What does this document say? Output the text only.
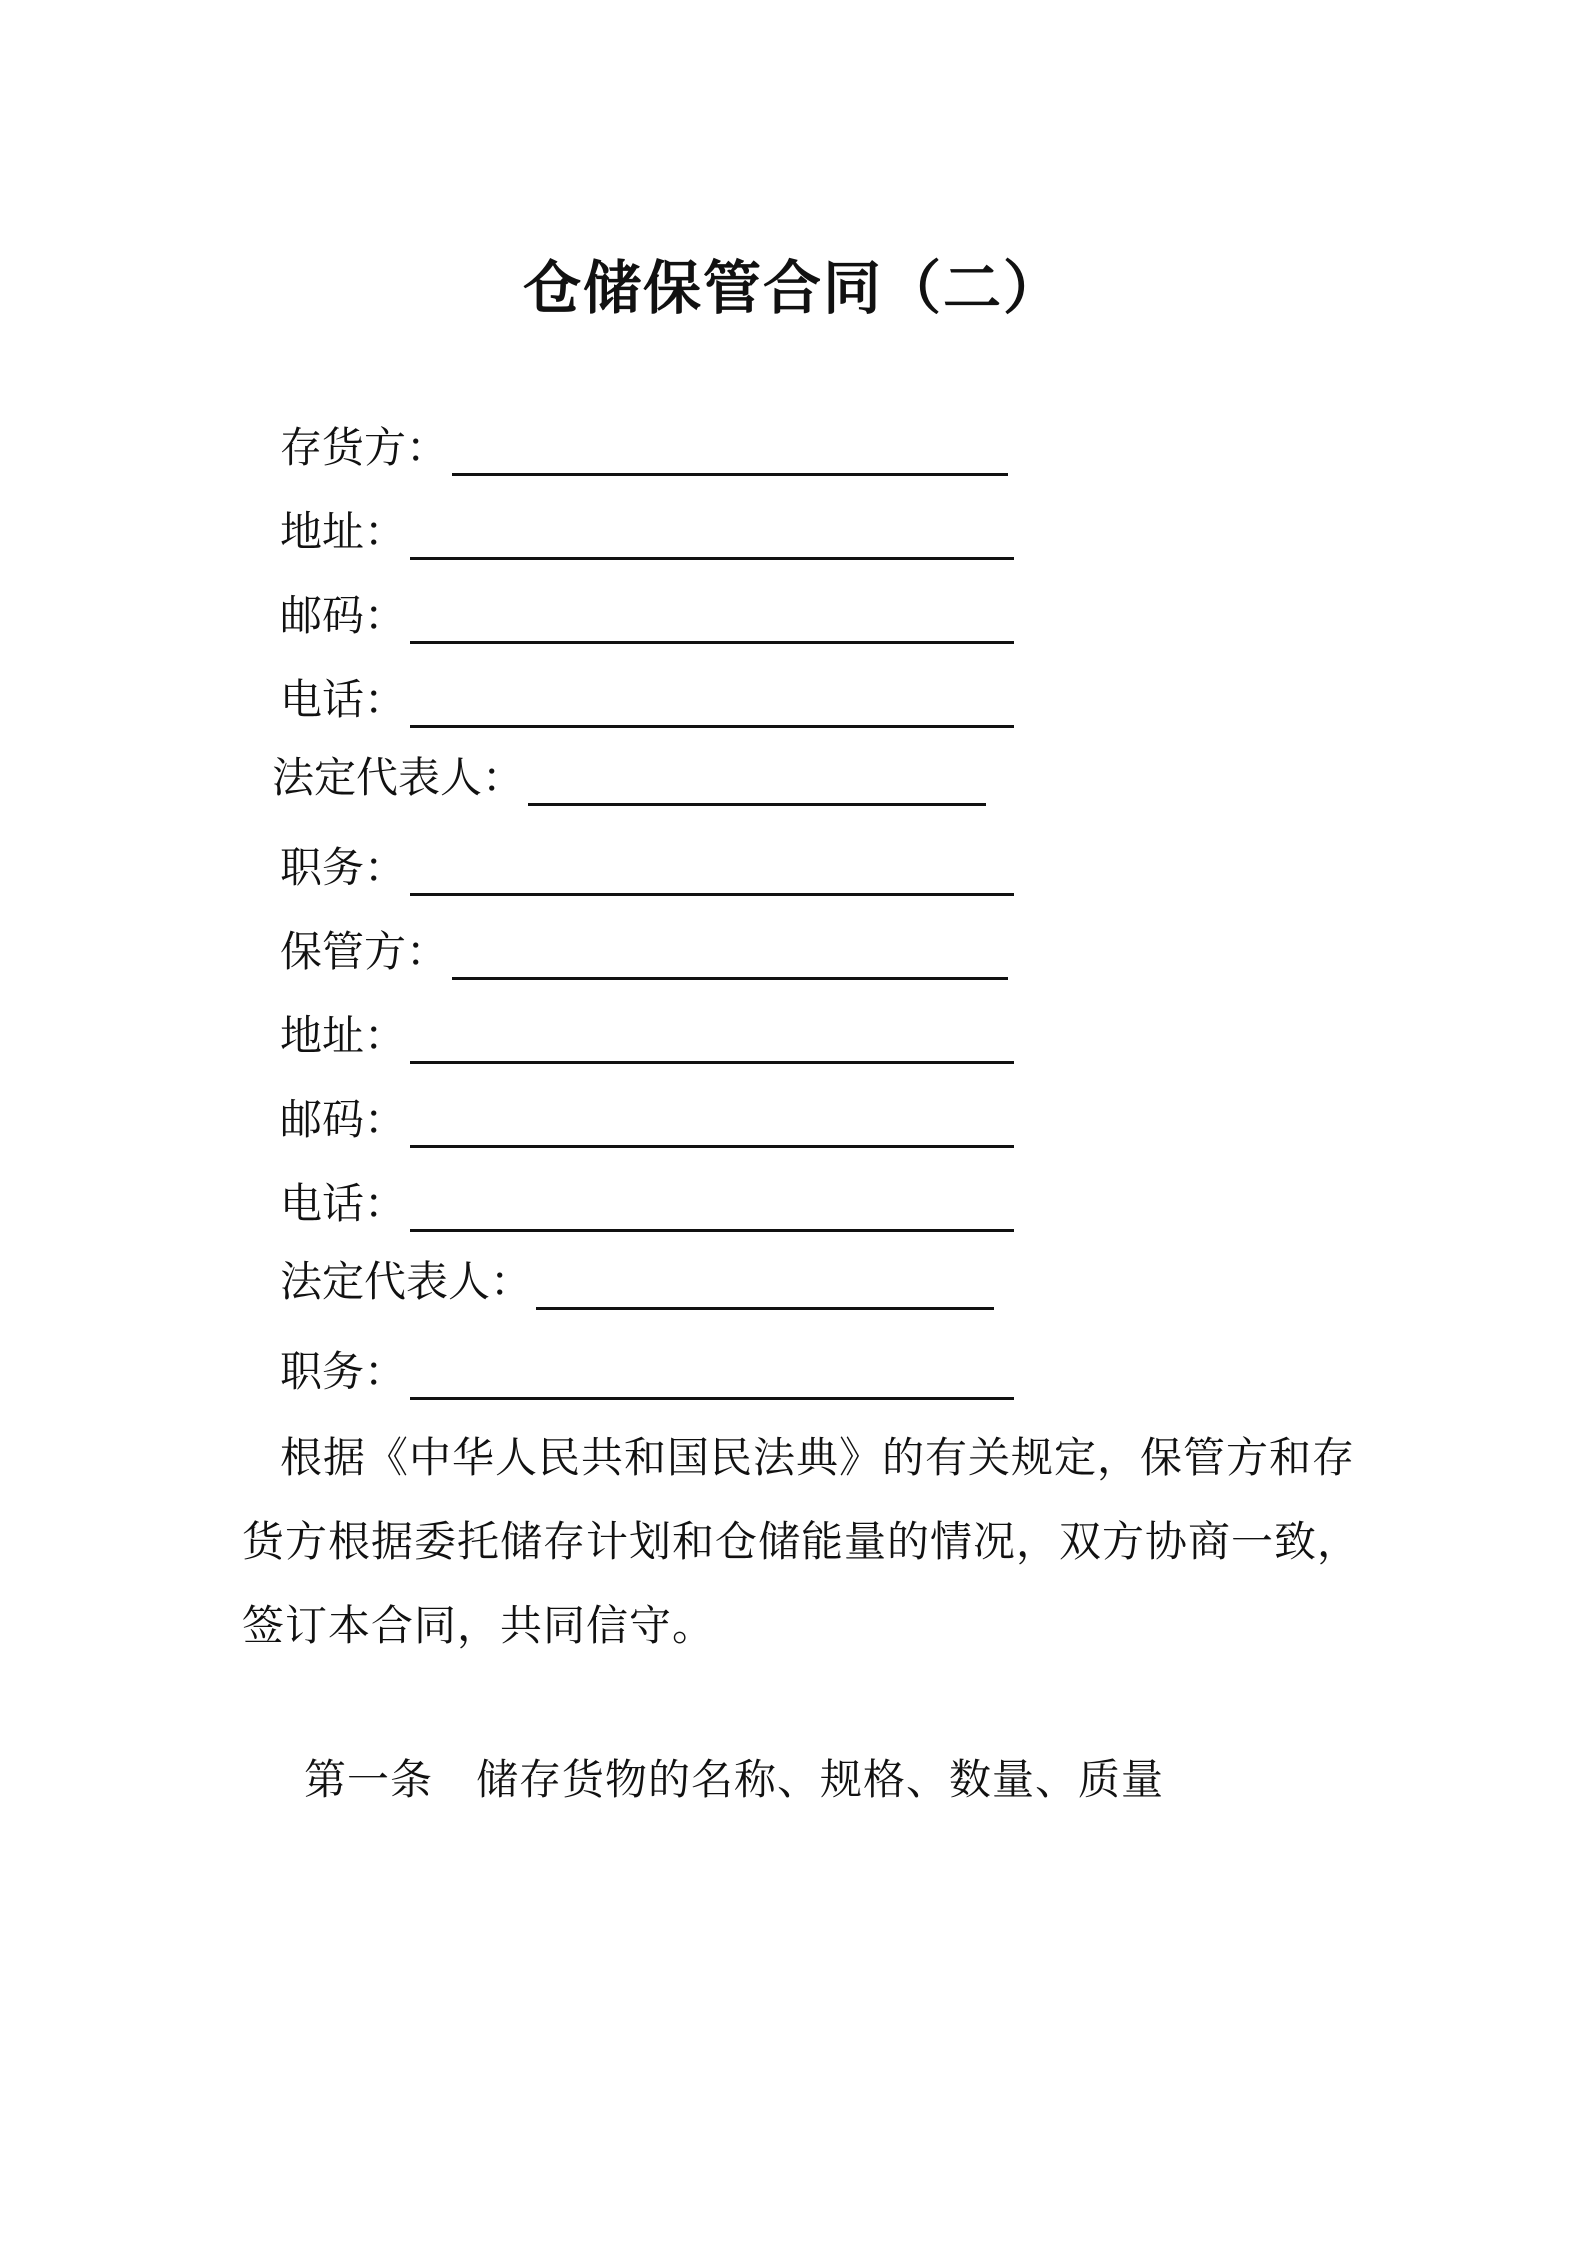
仓储保管合同（二）
存货方：
地址：
邮码：
电话：
法定代表人：
职务：
保管方：
地址：
邮码：
电话：
法定代表人：
职务：
根据《中华人民共和国民法典》的有关规定，保管方和存货方根据委托储存计划和仓储能量的情况，双方协商一致，签订本合同，共同信守。
第一条　储存货物的名称、规格、数量、质量
